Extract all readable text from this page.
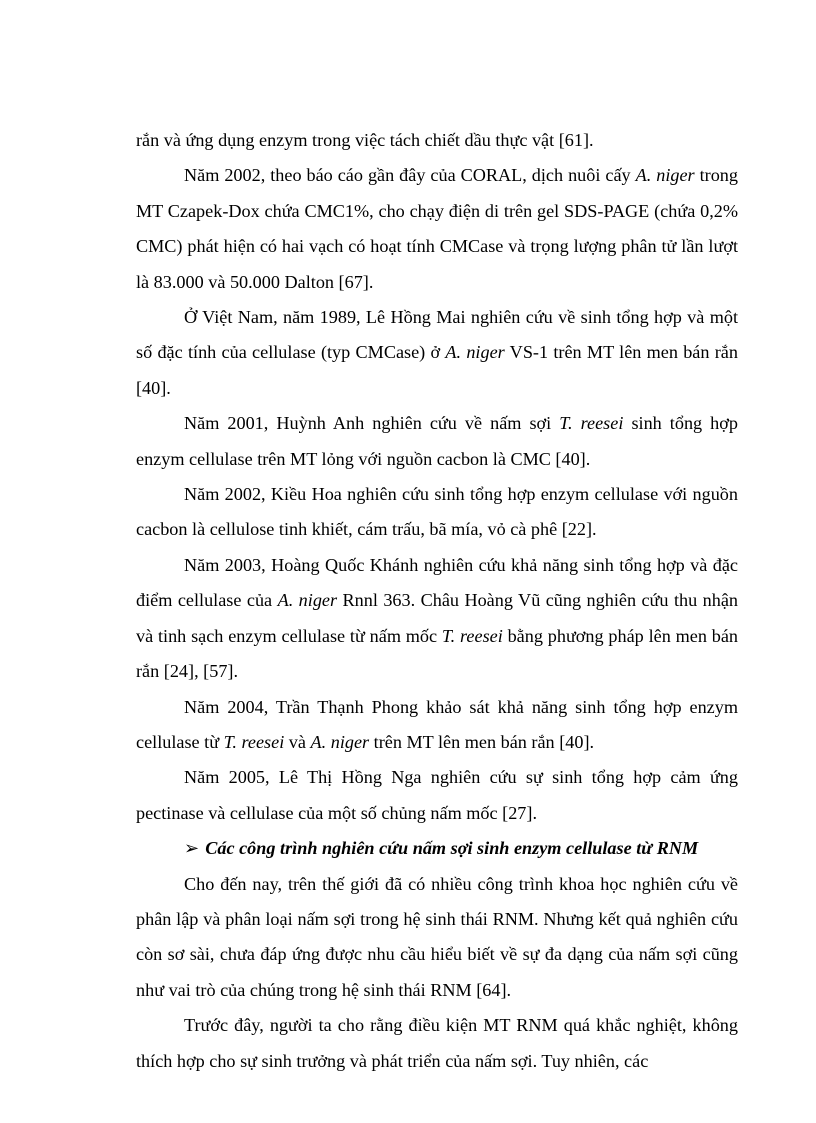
rắn và ứng dụng enzym trong việc tách chiết dầu thực vật [61].

Năm 2002, theo báo cáo gần đây của CORAL, dịch nuôi cấy A. niger trong MT Czapek-Dox chứa CMC1%, cho chạy điện di trên gel SDS-PAGE (chứa 0,2% CMC) phát hiện có hai vạch có hoạt tính CMCase và trọng lượng phân tử lần lượt là 83.000 và 50.000 Dalton [67].

Ở Việt Nam, năm 1989, Lê Hồng Mai nghiên cứu về sinh tổng hợp và một số đặc tính của cellulase (typ CMCase) ở A. niger VS-1 trên MT lên men bán rắn [40].

Năm 2001, Huỳnh Anh nghiên cứu về nấm sợi T. reesei sinh tổng hợp enzym cellulase trên MT lỏng với nguồn cacbon là CMC [40].

Năm 2002, Kiều Hoa nghiên cứu sinh tổng hợp enzym cellulase với nguồn cacbon là cellulose tinh khiết, cám trấu, bã mía, vỏ cà phê [22].

Năm 2003, Hoàng Quốc Khánh nghiên cứu khả năng sinh tổng hợp và đặc điểm cellulase của A. niger Rnnl 363. Châu Hoàng Vũ cũng nghiên cứu thu nhận và tinh sạch enzym cellulase từ nấm mốc T. reesei bằng phương pháp lên men bán rắn [24], [57].

Năm 2004, Trần Thạnh Phong khảo sát khả năng sinh tổng hợp enzym cellulase từ T. reesei và A. niger trên MT lên men bán rắn [40].

Năm 2005, Lê Thị Hồng Nga nghiên cứu sự sinh tổng hợp cảm ứng pectinase và cellulase của một số chủng nấm mốc [27].

➢ Các công trình nghiên cứu nấm sợi sinh enzym cellulase từ RNM

Cho đến nay, trên thế giới đã có nhiều công trình khoa học nghiên cứu về phân lập và phân loại nấm sợi trong hệ sinh thái RNM. Nhưng kết quả nghiên cứu còn sơ sài, chưa đáp ứng được nhu cầu hiểu biết về sự đa dạng của nấm sợi cũng như vai trò của chúng trong hệ sinh thái RNM [64].

Trước đây, người ta cho rằng điều kiện MT RNM quá khắc nghiệt, không thích hợp cho sự sinh trưởng và phát triển của nấm sợi. Tuy nhiên, các
